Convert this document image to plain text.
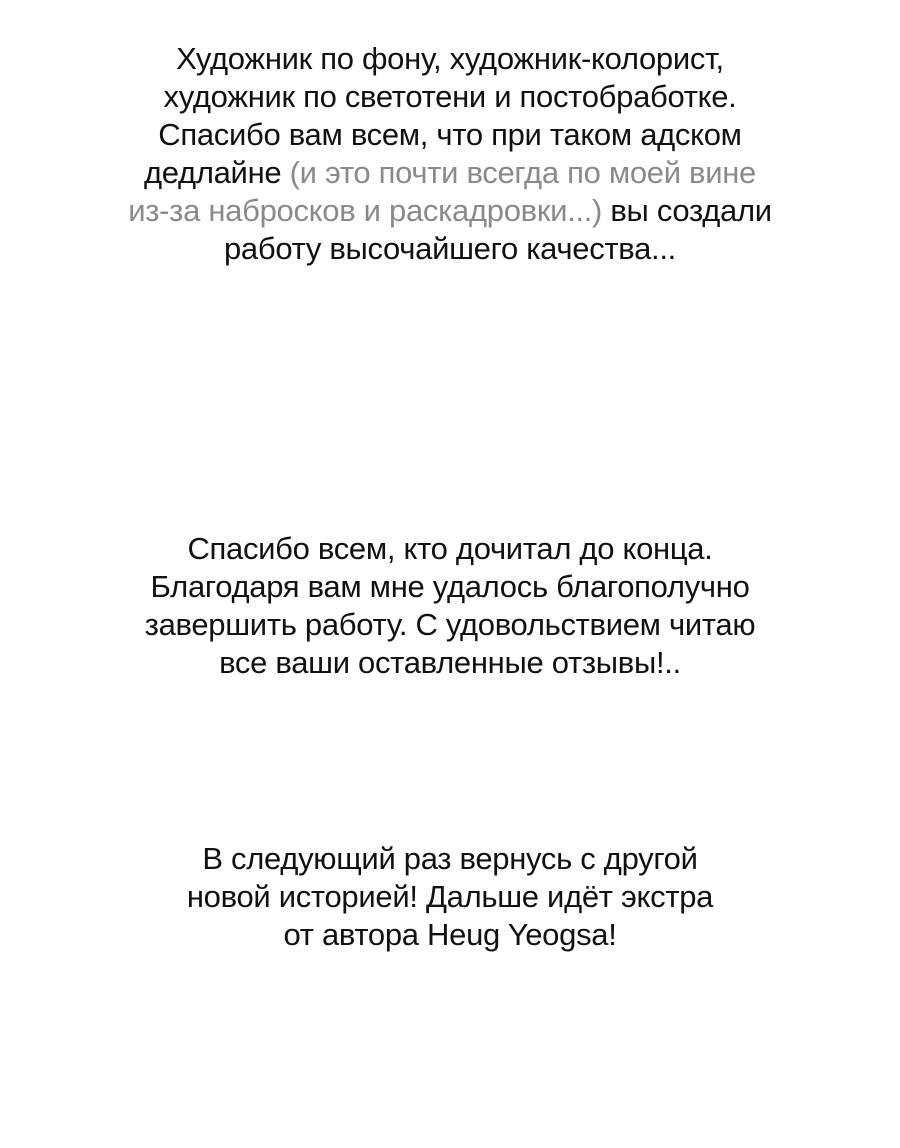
Художник по фону, художник-колорист,
художник по светотени и постобработке.
Спасибо вам всем, что при таком адском
дедлайне (и это почти всегда по моей вине
из-за набросков и раскадровки...) вы создали
работу высочайшего качества...
Спасибо всем, кто дочитал до конца.
Благодаря вам мне удалось благополучно
завершить работу. С удовольствием читаю
все ваши оставленные отзывы!..
В следующий раз вернусь с другой
новой историей! Дальше идёт экстра
от автора Heug Yeogsa!
